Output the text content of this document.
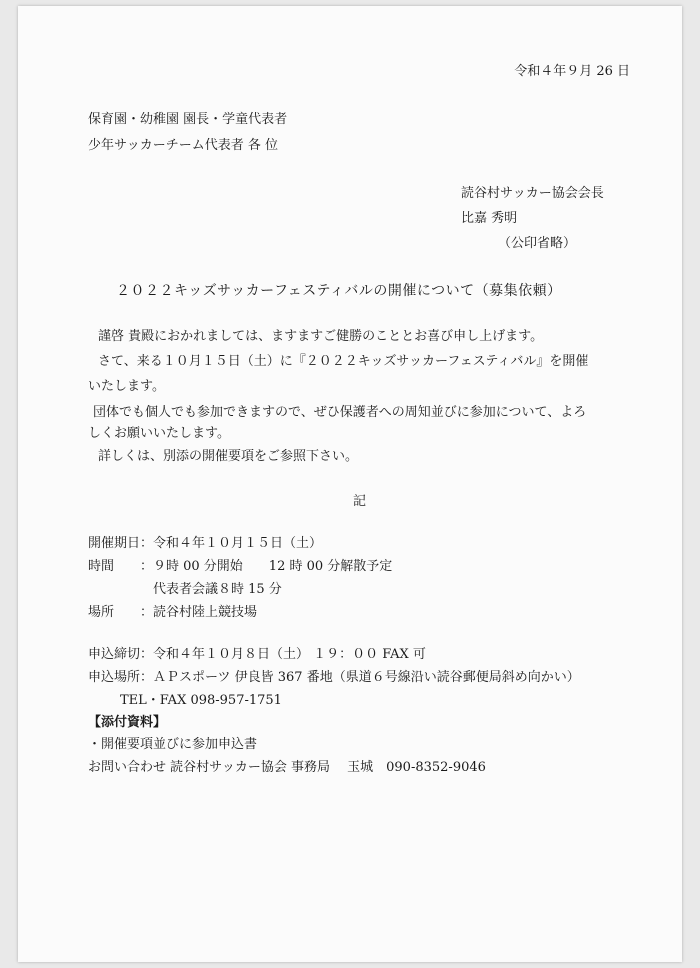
令和４年９月 26 日
保育園・幼稚園 園長・学童代表者
少年サッカーチーム代表者 各 位
読谷村サッカー協会会長
比嘉 秀明
（公印省略）
２０２２キッズサッカーフェスティバルの開催について（募集依頼）
謹啓 貴殿におかれましては、ますますご健勝のこととお喜び申し上げます。
さて、来る１０月１５日（土）に『２０２２キッズサッカーフェスティバル』を開催
いたします。
団体でも個人でも参加できますので、ぜひ保護者への周知並びに参加について、よろ
しくお願いいたします。
詳しくは、別添の開催要項をご参照下さい。
記
開催期日：令和４年１０月１５日（土）
時間　　：９時 00 分開始　　12 時 00 分解散予定
代表者会議８時 15 分
場所　　：読谷村陸上競技場
申込締切：令和４年１０月８日（土） １９：００ FAX 可
申込場所：ＡＰスポーツ 伊良皆 367 番地（県道６号線沿い読谷郵便局斜め向かい）
TEL・FAX 098-957-1751
【添付資料】
・開催要項並びに参加申込書
お問い合わせ 読谷村サッカー協会 事務局　 玉城　090-8352-9046
